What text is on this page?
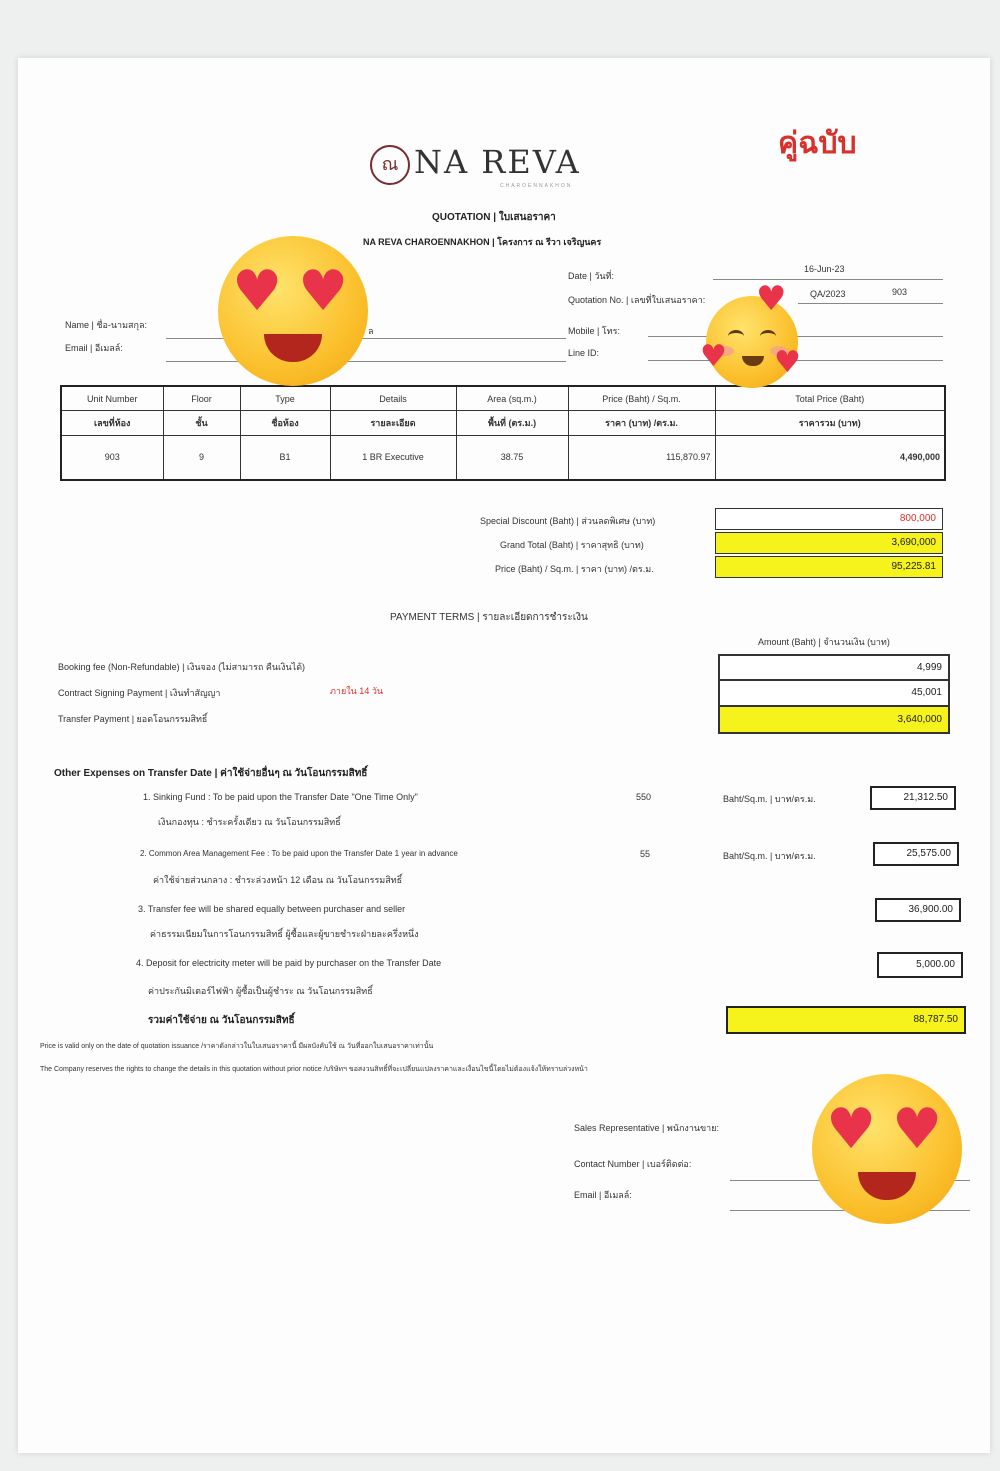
คู่ฉบับ
ณ NA REVA
CHAROENNAKHON
QUOTATION | ใบเสนอราคา
NA REVA CHAROENNAKHON | โครงการ ณ รีวา เจริญนคร
Date | วันที่:
16-Jun-23
Quotation No. | เลขที่ใบเสนอราคา:
QA/2023	903
Name | ชื่อ-นามสกุล:
ล
Email | อีเมลล์:
Mobile | โทร:
Line ID:
Unit Number	Floor	Type	Details	Area (sq.m.)	Price (Baht) / Sq.m.	Total Price (Baht)
เลขที่ห้อง	ชั้น	ชื่อห้อง	รายละเอียด	พื้นที่ (ตร.ม.)	ราคา (บาท) /ตร.ม.	ราคารวม (บาท)
903	9	B1	1 BR Executive	38.75	115,870.97	4,490,000
Special Discount (Baht) | ส่วนลดพิเศษ (บาท)	800,000
Grand Total (Baht) | ราคาสุทธิ (บาท)	3,690,000
Price (Baht) / Sq.m. | ราคา (บาท) /ตร.ม.	95,225.81
PAYMENT TERMS | รายละเอียดการชำระเงิน
Amount (Baht) | จำนวนเงิน (บาท)
Booking fee (Non-Refundable) | เงินจอง (ไม่สามารถ คืนเงินได้)	4,999
Contract Signing Payment | เงินทำสัญญา	ภายใน 14 วัน	45,001
Transfer Payment | ยอดโอนกรรมสิทธิ์	3,640,000
Other Expenses on Transfer Date | ค่าใช้จ่ายอื่นๆ ณ วันโอนกรรมสิทธิ์
1. Sinking Fund : To be paid upon the Transfer Date "One Time Only"
เงินกองทุน : ชำระครั้งเดียว ณ วันโอนกรรมสิทธิ์
550	Baht/Sq.m. | บาท/ตร.ม.	21,312.50
2. Common Area Management Fee : To be paid upon the Transfer Date 1 year in advance
ค่าใช้จ่ายส่วนกลาง : ชำระล่วงหน้า 12 เดือน ณ วันโอนกรรมสิทธิ์
55	Baht/Sq.m. | บาท/ตร.ม.	25,575.00
3. Transfer fee will be shared equally between purchaser and seller
ค่าธรรมเนียมในการโอนกรรมสิทธิ์ ผู้ซื้อและผู้ขายชำระฝ่ายละครึ่งหนึ่ง
36,900.00
4. Deposit for electricity meter will be paid by purchaser on the Transfer Date
ค่าประกันมิเตอร์ไฟฟ้า ผู้ซื้อเป็นผู้ชำระ ณ วันโอนกรรมสิทธิ์
5,000.00
รวมค่าใช้จ่าย ณ วันโอนกรรมสิทธิ์	88,787.50
Price is valid only on the date of quotation issuance /ราคาดังกล่าวในใบเสนอราคานี้ มีผลบังคับใช้ ณ วันที่ออกใบเสนอราคาเท่านั้น
The Company reserves the rights to change the details in this quotation without prior notice /บริษัทฯ ขอสงวนสิทธิ์ที่จะเปลี่ยนแปลงราคาและเงื่อนไขนี้โดยไม่ต้องแจ้งให้ทราบล่วงหน้า
Sales Representative | พนักงานขาย:
Contact Number | เบอร์ติดต่อ:
Email | อีเมลล์:
♥ ♥	♥
♥ ♥
♥ ♥
